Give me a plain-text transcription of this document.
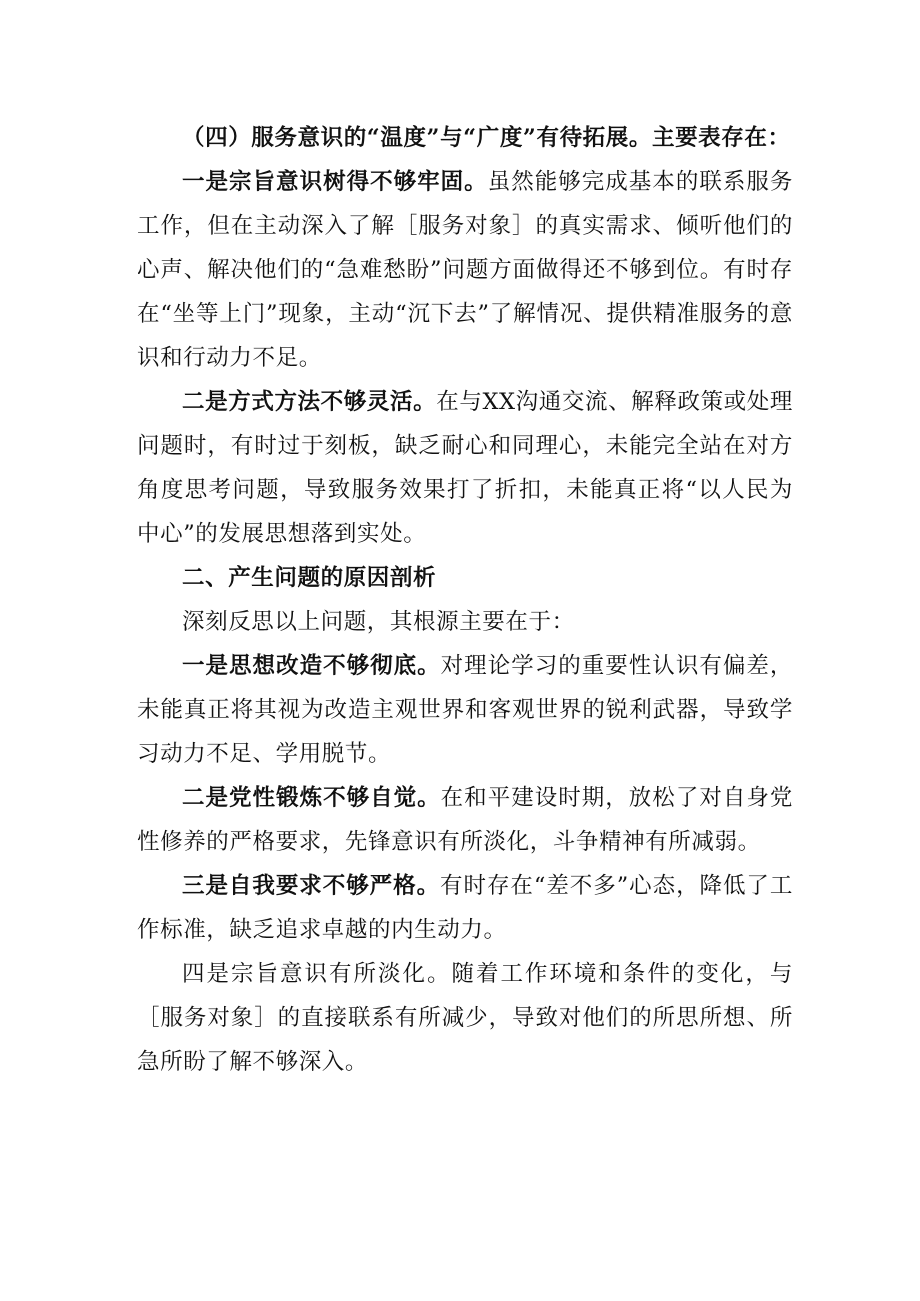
（四）服务意识的“温度”与“广度”有待拓展。主要表存在：

一是宗旨意识树得不够牢固。虽然能够完成基本的联系服务工作，但在主动深入了解［服务对象］的真实需求、倾听他们的心声、解决他们的“急难愁盼”问题方面做得还不够到位。有时存在“坐等上门”现象，主动“沉下去”了解情况、提供精准服务的意识和行动力不足。

二是方式方法不够灵活。在与XX沟通交流、解释政策或处理问题时，有时过于刻板，缺乏耐心和同理心，未能完全站在对方角度思考问题，导致服务效果打了折扣，未能真正将“以人民为中心”的发展思想落到实处。

二、产生问题的原因剖析

深刻反思以上问题，其根源主要在于：

一是思想改造不够彻底。对理论学习的重要性认识有偏差，未能真正将其视为改造主观世界和客观世界的锐利武器，导致学习动力不足、学用脱节。

二是党性锻炼不够自觉。在和平建设时期，放松了对自身党性修养的严格要求，先锋意识有所淡化，斗争精神有所减弱。

三是自我要求不够严格。有时存在“差不多”心态，降低了工作标准，缺乏追求卓越的内生动力。

四是宗旨意识有所淡化。随着工作环境和条件的变化，与［服务对象］的直接联系有所减少，导致对他们的所思所想、所急所盼了解不够深入。
